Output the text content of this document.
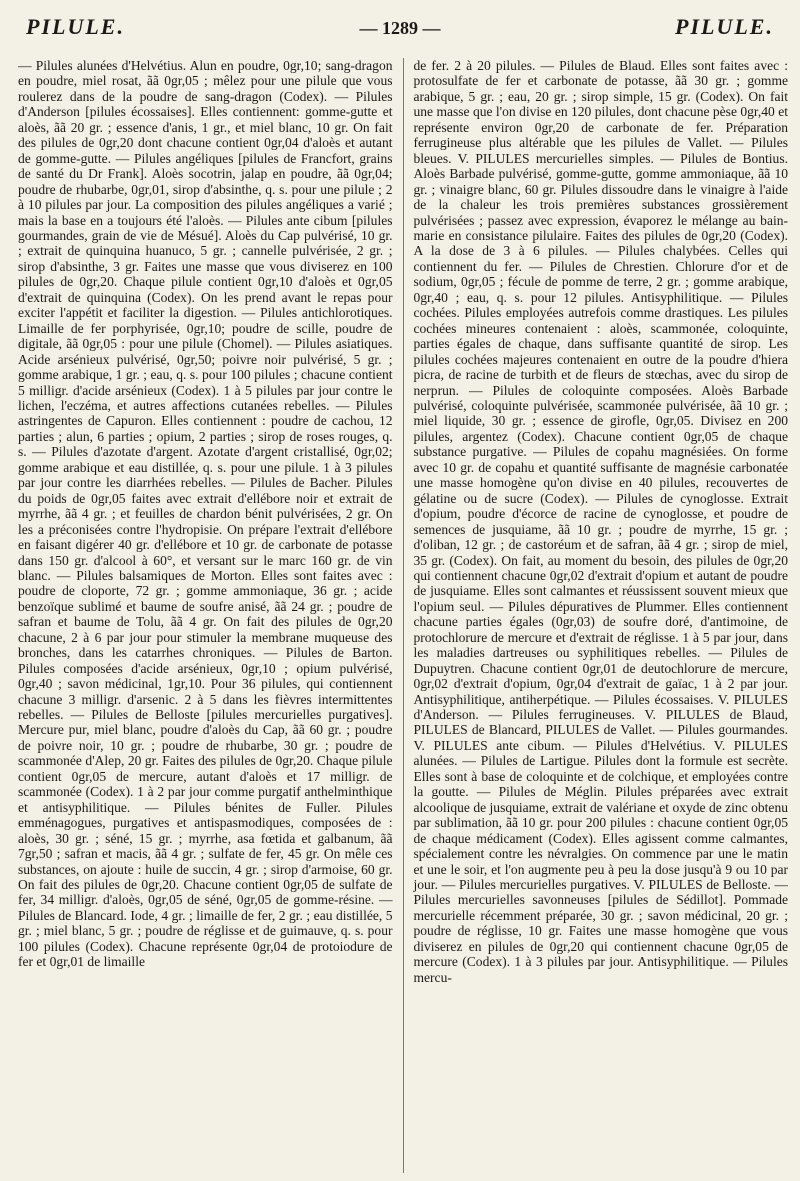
PILULE.	— 1289 —	PILULE.

— Pilules alunées d'Helvétius. Alun en poudre, 0gr,10; sang-dragon en poudre, miel rosat, ãã 0gr,05 ; mêlez pour une pilule que vous roulerez dans de la poudre de sang-dragon (Codex). — Pilules d'Anderson [pilules écossaises]. Elles contiennent: gomme-gutte et aloès, ãã 20 gr. ; essence d'anis, 1 gr., et miel blanc, 10 gr. On fait des pilules de 0gr,20 dont chacune contient 0gr,04 d'aloès et autant de gomme-gutte. — Pilules angéliques [pilules de Francfort, grains de santé du Dr Frank]. Aloès socotrin, jalap en poudre, ãã 0gr,04; poudre de rhubarbe, 0gr,01, sirop d'absinthe, q. s. pour une pilule ; 2 à 10 pilules par jour. La composition des pilules angéliques a varié ; mais la base en a toujours été l'aloès. — Pilules ante cibum [pilules gourmandes, grain de vie de Mésué]. Aloès du Cap pulvérisé, 10 gr. ; extrait de quinquina huanuco, 5 gr. ; cannelle pulvérisée, 2 gr. ; sirop d'absinthe, 3 gr. Faites une masse que vous diviserez en 100 pilules de 0gr,20. Chaque pilule contient 0gr,10 d'aloès et 0gr,05 d'extrait de quinquina (Codex). On les prend avant le repas pour exciter l'appétit et faciliter la digestion. — Pilules antichlorotiques. Limaille de fer porphyrisée, 0gr,10; poudre de scille, poudre de digitale, ãã 0gr,05 : pour une pilule (Chomel). — Pilules asiatiques. Acide arsénieux pulvérisé, 0gr,50; poivre noir pulvérisé, 5 gr. ; gomme arabique, 1 gr. ; eau, q. s. pour 100 pilules ; chacune contient 5 milligr. d'acide arsénieux (Codex). 1 à 5 pilules par jour contre le lichen, l'eczéma, et autres affections cutanées rebelles. — Pilules astringentes de Capuron. Elles contiennent : poudre de cachou, 12 parties ; alun, 6 parties ; opium, 2 parties ; sirop de roses rouges, q. s. — Pilules d'azotate d'argent. Azotate d'argent cristallisé, 0gr,02; gomme arabique et eau distillée, q. s. pour une pilule. 1 à 3 pilules par jour contre les diarrhées rebelles. — Pilules de Bacher. Pilules du poids de 0gr,05 faites avec extrait d'ellébore noir et extrait de myrrhe, ãã 4 gr. ; et feuilles de chardon bénit pulvérisées, 2 gr. On les a préconisées contre l'hydropisie. On prépare l'extrait d'ellébore en faisant digérer 40 gr. d'ellébore et 10 gr. de carbonate de potasse dans 150 gr. d'alcool à 60°, et versant sur le marc 160 gr. de vin blanc. — Pilules balsamiques de Morton. Elles sont faites avec : poudre de cloporte, 72 gr. ; gomme ammoniaque, 36 gr. ; acide benzoïque sublimé et baume de soufre anisé, ãã 24 gr. ; poudre de safran et baume de Tolu, ãã 4 gr. On fait des pilules de 0gr,20 chacune, 2 à 6 par jour pour stimuler la membrane muqueuse des bronches, dans les catarrhes chroniques. — Pilules de Barton. Pilules composées d'acide arsénieux, 0gr,10 ; opium pulvérisé, 0gr,40 ; savon médicinal, 1gr,10. Pour 36 pilules, qui contiennent chacune 3 milligr. d'arsenic. 2 à 5 dans les fièvres intermittentes rebelles. — Pilules de Belloste [pilules mercurielles purgatives]. Mercure pur, miel blanc, poudre d'aloès du Cap, ãã 60 gr. ; poudre de poivre noir, 10 gr. ; poudre de rhubarbe, 30 gr. ; poudre de scammonée d'Alep, 20 gr. Faites des pilules de 0gr,20. Chaque pilule contient 0gr,05 de mercure, autant d'aloès et 17 milligr. de scammonée (Codex). 1 à 2 par jour comme purgatif anthelminthique et antisyphilitique. — Pilules bénites de Fuller. Pilules emménagogues, purgatives et antispasmodiques, composées de : aloès, 30 gr. ; séné, 15 gr. ; myrrhe, asa fœtida et galbanum, ãã 7gr,50 ; safran et macis, ãã 4 gr. ; sulfate de fer, 45 gr. On mêle ces substances, on ajoute : huile de succin, 4 gr. ; sirop d'armoise, 60 gr. On fait des pilules de 0gr,20. Chacune contient 0gr,05 de sulfate de fer, 34 milligr. d'aloès, 0gr,05 de séné, 0gr,05 de gomme-résine. — Pilules de Blancard. Iode, 4 gr. ; limaille de fer, 2 gr. ; eau distillée, 5 gr. ; miel blanc, 5 gr. ; poudre de réglisse et de guimauve, q. s. pour 100 pilules (Codex). Chacune représente 0gr,04 de protoiodure de fer et 0gr,01 de limaille

de fer. 2 à 20 pilules. — Pilules de Blaud. Elles sont faites avec : protosulfate de fer et carbonate de potasse, ãã 30 gr. ; gomme arabique, 5 gr. ; eau, 20 gr. ; sirop simple, 15 gr. (Codex). On fait une masse que l'on divise en 120 pilules, dont chacune pèse 0gr,40 et représente environ 0gr,20 de carbonate de fer. Préparation ferrugineuse plus altérable que les pilules de Vallet. — Pilules bleues. V. PILULES mercurielles simples. — Pilules de Bontius. Aloès Barbade pulvérisé, gomme-gutte, gomme ammoniaque, ãã 10 gr. ; vinaigre blanc, 60 gr. Pilules dissoudre dans le vinaigre à l'aide de la chaleur les trois premières substances grossièrement pulvérisées ; passez avec expression, évaporez le mélange au bain-marie en consistance pilulaire. Faites des pilules de 0gr,20 (Codex). A la dose de 3 à 6 pilules. — Pilules chalybées. Celles qui contiennent du fer. — Pilules de Chrestien. Chlorure d'or et de sodium, 0gr,05 ; fécule de pomme de terre, 2 gr. ; gomme arabique, 0gr,40 ; eau, q. s. pour 12 pilules. Antisyphilitique. — Pilules cochées. Pilules employées autrefois comme drastiques. Les pilules cochées mineures contenaient : aloès, scammonée, coloquinte, parties égales de chaque, dans suffisante quantité de sirop. Les pilules cochées majeures contenaient en outre de la poudre d'hiera picra, de racine de turbith et de fleurs de stœchas, avec du sirop de nerprun. — Pilules de coloquinte composées. Aloès Barbade pulvérisé, coloquinte pulvérisée, scammonée pulvérisée, ãã 10 gr. ; miel liquide, 30 gr. ; essence de girofle, 0gr,05. Divisez en 200 pilules, argentez (Codex). Chacune contient 0gr,05 de chaque substance purgative. — Pilules de copahu magnésiées. On forme avec 10 gr. de copahu et quantité suffisante de magnésie carbonatée une masse homogène qu'on divise en 40 pilules, recouvertes de gélatine ou de sucre (Codex). — Pilules de cynoglosse. Extrait d'opium, poudre d'écorce de racine de cynoglosse, et poudre de semences de jusquiame, ãã 10 gr. ; poudre de myrrhe, 15 gr. ; d'oliban, 12 gr. ; de castoréum et de safran, ãã 4 gr. ; sirop de miel, 35 gr. (Codex). On fait, au moment du besoin, des pilules de 0gr,20 qui contiennent chacune 0gr,02 d'extrait d'opium et autant de poudre de jusquiame. Elles sont calmantes et réussissent souvent mieux que l'opium seul. — Pilules dépuratives de Plummer. Elles contiennent chacune parties égales (0gr,03) de soufre doré, d'antimoine, de protochlorure de mercure et d'extrait de réglisse. 1 à 5 par jour, dans les maladies dartreuses ou syphilitiques rebelles. — Pilules de Dupuytren. Chacune contient 0gr,01 de deutochlorure de mercure, 0gr,02 d'extrait d'opium, 0gr,04 d'extrait de gaïac, 1 à 2 par jour. Antisyphilitique, antiherpétique. — Pilules écossaises. V. PILULES d'Anderson. — Pilules ferrugineuses. V. PILULES de Blaud, PILULES de Blancard, PILULES de Vallet. — Pilules gourmandes. V. PILULES ante cibum. — Pilules d'Helvétius. V. PILULES alunées. — Pilules de Lartigue. Pilules dont la formule est secrète. Elles sont à base de coloquinte et de colchique, et employées contre la goutte. — Pilules de Méglin. Pilules préparées avec extrait alcoolique de jusquiame, extrait de valériane et oxyde de zinc obtenu par sublimation, ãã 10 gr. pour 200 pilules : chacune contient 0gr,05 de chaque médicament (Codex). Elles agissent comme calmantes, spécialement contre les névralgies. On commence par une le matin et une le soir, et l'on augmente peu à peu la dose jusqu'à 9 ou 10 par jour. — Pilules mercurielles purgatives. V. PILULES de Belloste. — Pilules mercurielles savonneuses [pilules de Sédillot]. Pommade mercurielle récemment préparée, 30 gr. ; savon médicinal, 20 gr. ; poudre de réglisse, 10 gr. Faites une masse homogène que vous diviserez en pilules de 0gr,20 qui contiennent chacune 0gr,05 de mercure (Codex). 1 à 3 pilules par jour. Antisyphilitique. — Pilules mercu-
